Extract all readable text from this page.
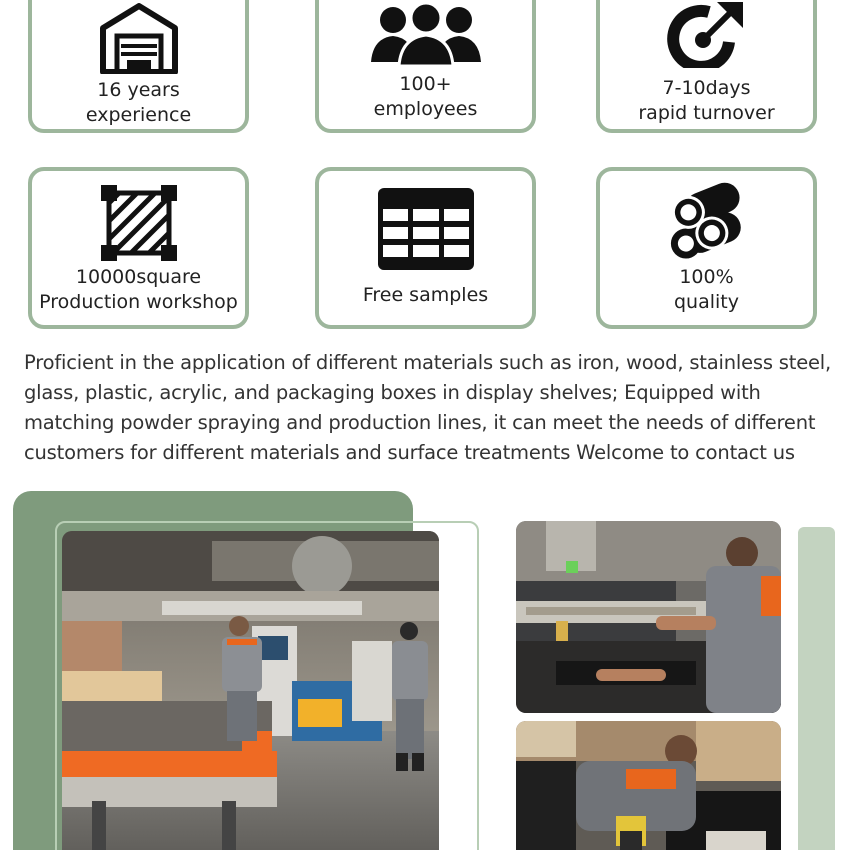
16 years
experience
100+
employees
7-10days
rapid turnover
10000square
Production workshop	Free samples
100%
quality

Proficient in the application of different materials such as iron, wood, stainless steel, glass, plastic, acrylic, and packaging boxes in display shelves; Equipped with matching powder spraying and production lines, it can meet the needs of different customers for different materials and surface treatments Welcome to contact us
